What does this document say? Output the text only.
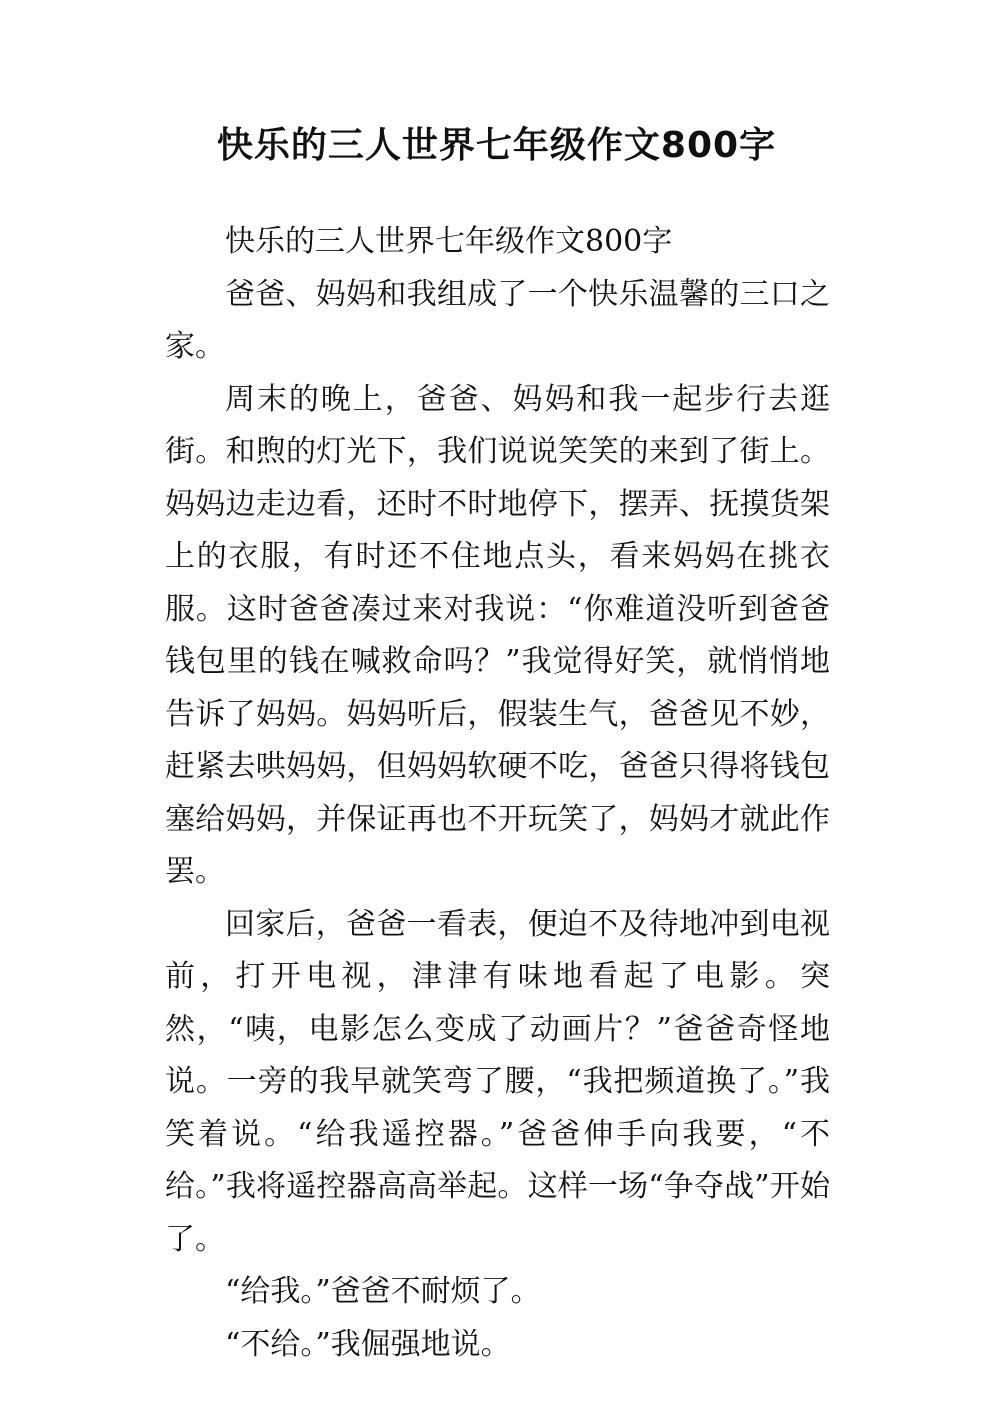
快乐的三人世界七年级作文800字

快乐的三人世界七年级作文800字

爸爸、妈妈和我组成了一个快乐温馨的三口之家。

周末的晚上，爸爸、妈妈和我一起步行去逛街。和煦的灯光下，我们说说笑笑的来到了街上。妈妈边走边看，还时不时地停下，摆弄、抚摸货架上的衣服，有时还不住地点头，看来妈妈在挑衣服。这时爸爸凑过来对我说：“你难道没听到爸爸钱包里的钱在喊救命吗？”我觉得好笑，就悄悄地告诉了妈妈。妈妈听后，假装生气，爸爸见不妙，赶紧去哄妈妈，但妈妈软硬不吃，爸爸只得将钱包塞给妈妈，并保证再也不开玩笑了，妈妈才就此作罢。

回家后，爸爸一看表，便迫不及待地冲到电视前，打开电视，津津有味地看起了电影。突然，“咦，电影怎么变成了动画片？”爸爸奇怪地说。一旁的我早就笑弯了腰，“我把频道换了。”我笑着说。“给我遥控器。”爸爸伸手向我要，“不给。”我将遥控器高高举起。这样一场“争夺战”开始了。

“给我。”爸爸不耐烦了。

“不给。”我倔强地说。
